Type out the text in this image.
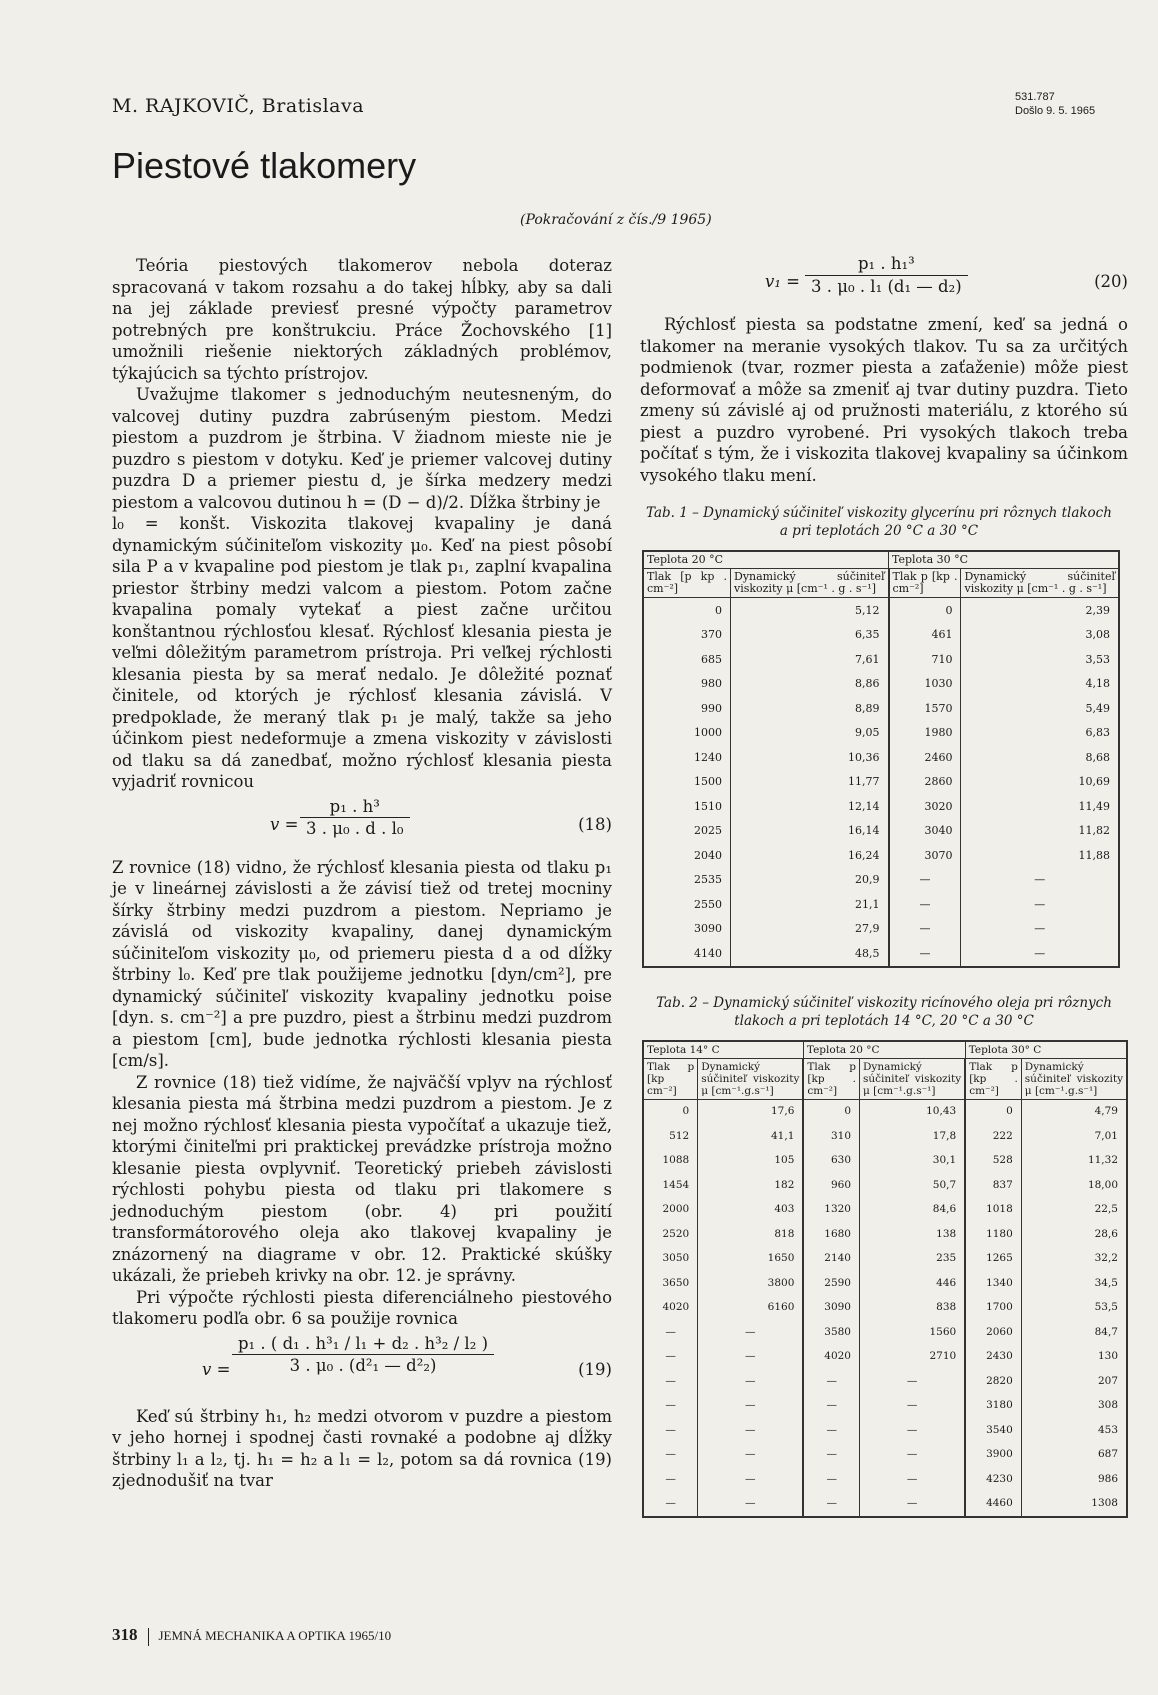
M. RAJKOVIČ, Bratislava	531.787
Došlo 9. 5. 1965
Piestové tlakomery
(Pokračování z čís./9 1965)

Teória piestových tlakomerov nebola doteraz spracovaná v takom rozsahu a do takej hĺbky, aby sa dali na jej základe previesť presné výpočty parametrov potrebných pre konštrukciu. Práce Žochovského [1] umožnili riešenie niektorých základných problémov, týkajúcich sa týchto prístrojov.

Uvažujme tlakomer s jednoduchým neutesneným, do valcovej dutiny puzdra zabrúseným piestom. Medzi piestom a puzdrom je štrbina. V žiadnom mieste nie je puzdro s piestom v dotyku. Keď je priemer valcovej dutiny puzdra D a priemer piestu d, je šírka medzery medzi piestom a valcovou dutinou h = (D − d)/2. Dĺžka štrbiny je

l₀ = konšt. Viskozita tlakovej kvapaliny je daná dynamickým súčiniteľom viskozity μ₀. Keď na piest pôsobí sila P a v kvapaline pod piestom je tlak p₁, zaplní kvapalina priestor štrbiny medzi valcom a piestom. Potom začne kvapalina pomaly vytekať a piest začne určitou konštantnou rýchlosťou klesať. Rýchlosť klesania piesta je veľmi dôležitým parametrom prístroja. Pri veľkej rýchlosti klesania piesta by sa merať nedalo. Je dôležité poznať činitele, od ktorých je rýchlosť klesania závislá. V predpoklade, že meraný tlak p₁ je malý, takže sa jeho účinkom piest nedeformuje a zmena viskozity v závislosti od tlaku sa dá zanedbať, možno rýchlosť klesania piesta vyjadriť rovnicou

$v = \frac{\text{p₁ . h³}}{\text{3 . μ₀ . d . l₀}}$	(18)

Z rovnice (18) vidno, že rýchlosť klesania piesta od tlaku p₁ je v lineárnej závislosti a že závisí tiež od tretej mocniny šírky štrbiny medzi puzdrom a piestom. Nepriamo je závislá od viskozity kvapaliny, danej dynamickým súčiniteľom viskozity μ₀, od priemeru piesta d a od dĺžky štrbiny l₀. Keď pre tlak použijeme jednotku [dyn/cm²], pre dynamický súčiniteľ viskozity kvapaliny jednotku poise [dyn. s. cm⁻²] a pre puzdro, piest a štrbinu medzi puzdrom a piestom [cm], bude jednotka rýchlosti klesania piesta [cm/s].

Z rovnice (18) tiež vidíme, že najväčší vplyv na rýchlosť klesania piesta má štrbina medzi puzdrom a piestom. Je z nej možno rýchlosť klesania piesta vypočítať a ukazuje tiež, ktorými činiteľmi pri praktickej prevádzke prístroja možno klesanie piesta ovplyvniť. Teoretický priebeh závislosti rýchlosti pohybu piesta od tlaku pri tlakomere s jednoduchým piestom (obr. 4) pri použití transformátorového oleja ako tlakovej kvapaliny je znázornený na diagrame v obr. 12. Praktické skúšky ukázali, že priebeh krivky na obr. 12. je správny.

Pri výpočte rýchlosti piesta diferenciálneho piestového tlakomeru podľa obr. 6 sa použije rovnica

$v = \frac{\text{p₁ . ( d₁ . h³₁ / l₁ + d₂ . h³₂ / l₂ )}}{\text{3 . μ₀ . (d²₁ — d²₂)}}$	(19)

Keď sú štrbiny h₁, h₂ medzi otvorom v puzdre a piestom v jeho hornej i spodnej časti rovnaké a podobne aj dĺžky štrbiny l₁ a l₂, tj. h₁ = h₂ a l₁ = l₂, potom sa dá rovnica (19) zjednodušiť na tvar

$v_1 = \frac{\text{p₁ . h₁³}}{\text{3 . μ₀ . l₁ (d₁ — d₂)}}$	(20)

Rýchlosť piesta sa podstatne zmení, keď sa jedná o tlakomer na meranie vysokých tlakov. Tu sa za určitých podmienok (tvar, rozmer piesta a zaťaženie) môže piest deformovať a môže sa zmeniť aj tvar dutiny puzdra. Tieto zmeny sú závislé aj od pružnosti materiálu, z ktorého sú piest a puzdro vyrobené. Pri vysokých tlakoch treba počítať s tým, že i viskozita tlakovej kvapaliny sa účinkom vysokého tlaku mení.

Tab. 1 – Dynamický súčiniteľ viskozity glycerínu pri rôznych tlakoch a pri teplotách 20 °C a 30 °C

Teplota 20 °C		Teplota 30 °C	
Tlak [p kp . cm⁻²]	Dynamický súčiniteľ viskozity μ [cm⁻¹ . g . s⁻¹]	Tlak p [kp . cm⁻²]	Dynamický súčiniteľ viskozity μ [cm⁻¹ . g . s⁻¹]
0	5,12	0	2,39
370	6,35	461	3,08
685	7,61	710	3,53
980	8,86	1030	4,18
990	8,89	1570	5,49
1000	9,05	1980	6,83
1240	10,36	2460	8,68
1500	11,77	2860	10,69
1510	12,14	3020	11,49
2025	16,14	3040	11,82
2040	16,24	3070	11,88
2535	20,9	—	—
2550	21,1	—	—
3090	27,9	—	—
4140	48,5	—	—

Tab. 2 – Dynamický súčiniteľ viskozity ricínového oleja pri rôznych tlakoch a pri teplotách 14 °C, 20 °C a 30 °C

Teplota 14° C		Teplota 20 °C		Teplota 30° C	
Tlak p [kp cm⁻²]	Dynamický súčiniteľ viskozity μ [cm⁻¹.g.s⁻¹]	Tlak p [kp . cm⁻²]	Dynamický súčiniteľ viskozity μ [cm⁻¹.g.s⁻¹]	Tlak p [kp . cm⁻²]	Dynamický súčiniteľ viskozity μ [cm⁻¹.g.s⁻¹]
0	17,6	0	10,43	0	4,79
512	41,1	310	17,8	222	7,01
1088	105	630	30,1	528	11,32
1454	182	960	50,7	837	18,00
2000	403	1320	84,6	1018	22,5
2520	818	1680	138	1180	28,6
3050	1650	2140	235	1265	32,2
3650	3800	2590	446	1340	34,5
4020	6160	3090	838	1700	53,5
—	—	3580	1560	2060	84,7
—	—	4020	2710	2430	130
—	—	—	—	2820	207
—	—	—	—	3180	308
—	—	—	—	3540	453
—	—	—	—	3900	687
—	—	—	—	4230	986
—	—	—	—	4460	1308
318 JEMNÁ MECHANIKA A OPTIKA 1965/10
